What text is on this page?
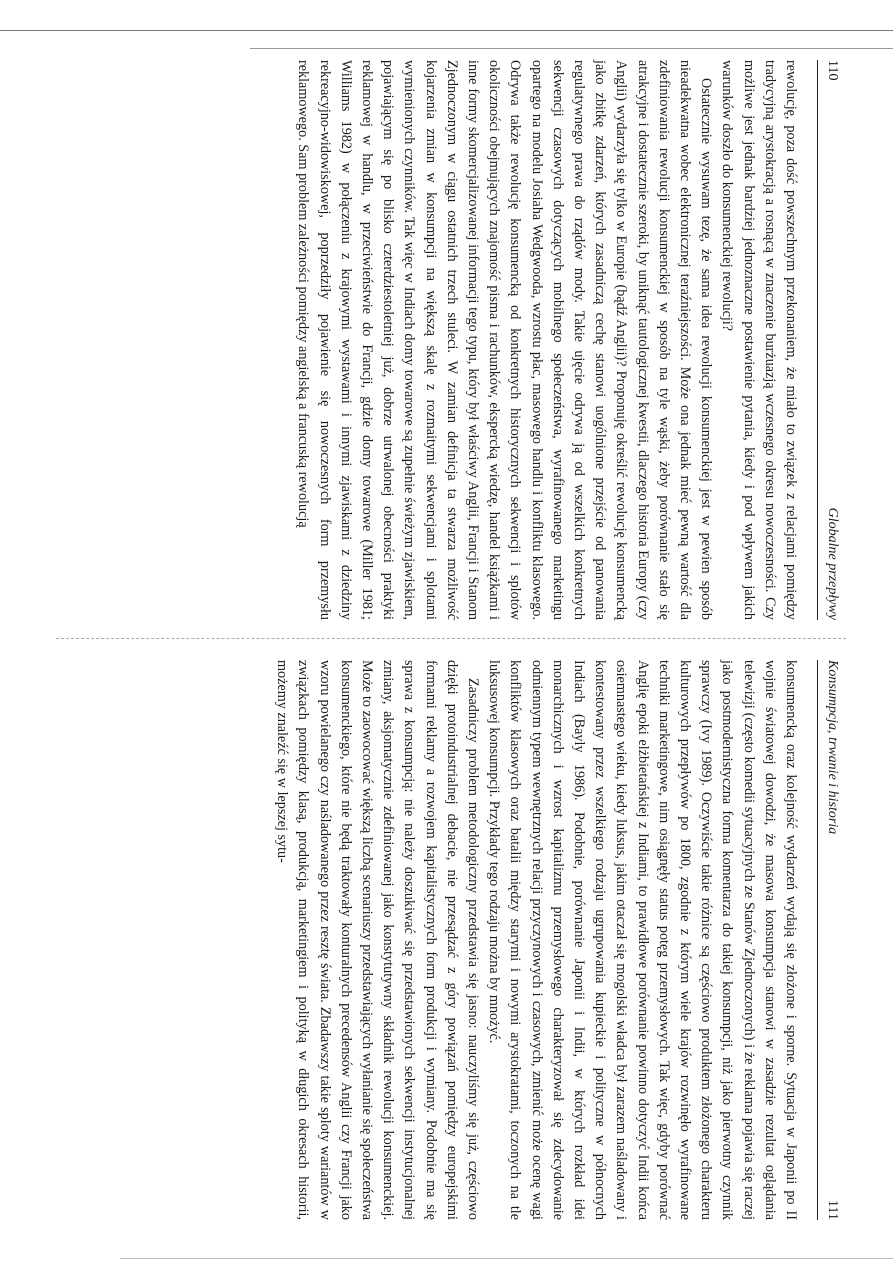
110
Globalne przepływy

rewolucję, poza dość powszechnym przekonaniem, że miało to związek z relacjami pomiędzy tradycyjną arystokracją a rosnącą w znaczenie burżuazją wczesnego okresu nowoczesności. Czy możliwe jest jednak bardziej jednoznaczne postawienie pytania, kiedy i pod wpływem jakich warunków doszło do konsumenckiej rewolucji?

Ostatecznie wysuwam tezę, że sama idea rewolucji konsumenckiej jest w pewien sposób nieadekwatna wobec elektronicznej teraźniejszości. Może ona jednak mieć pewną wartość dla zdefiniowania rewolucji konsumenckiej w sposób na tyle wąski, żeby porównanie stało się atrakcyjne i dostatecznie szeroki, by uniknąć tautologicznej kwestii, dlaczego historia Europy (czy Anglii) wydarzyła się tylko w Europie (bądź Anglii)? Proponuję określić rewolucję konsumencką jako zbitkę zdarzeń, których zasadniczą cechę stanowi uogólnione przejście od panowania regulatywnego prawa do rządów mody. Takie ujęcie odrywa ją od wszelkich konkretnych sekwencji czasowych dotyczących mobilnego społeczeństwa, wyrafinowanego marketingu opartego na modelu Josiaha Wedgwooda, wzrostu płac, masowego handlu i konfliktu klasowego. Odrywa także rewolucję konsumencką od konkretnych historycznych sekwencji i splotów okoliczności obejmujących znajomość pisma i rachunków, ekspercką wiedzę, handel książkami i inne formy skomercjalizowanej informacji tego typu, który był właściwy Anglii, Francji i Stanom Zjednoczonym w ciągu ostatnich trzech stuleci. W zamian definicja ta stwarza możliwość kojarzenia zmian w konsumpcji na większą skalę z rozmaitymi sekwencjami i splotami wymienionych czynników. Tak więc w Indiach domy towarowe są zupełnie świeżym zjawiskiem, pojawiającym się po blisko czterdziestoletniej już, dobrze utrwalonej obecności praktyki reklamowej w handlu, w przeciwieństwie do Francji, gdzie domy towarowe (Miller 1981; Williams 1982) w połączeniu z krajowymi wystawami i innymi zjawiskami z dziedziny rekreacyjno-widowiskowej, poprzedziły pojawienie się nowoczesnych form przemysłu reklamowego. Sam problem zależności pomiędzy angielską a francuską rewolucją

Konsumpcja, trwanie i historia
111

konsumencką oraz kolejność wydarzeń wydają się złożone i sporne. Sytuacja w Japonii po II wojnie światowej dowodzi, że masowa konsumpcja stanowi w zasadzie rezultat oglądania telewizji (często komedii sytuacyjnych ze Stanów Zjednoczonych) i że reklama pojawia się raczej jako postmodernistyczna forma komentarza do takiej konsumpcji, niż jako pierwotny czynnik sprawczy (Ivy 1989). Oczywiście takie różnice są częściowo produktem złożonego charakteru kulturowych przepływów po 1800, zgodnie z którym wiele krajów rozwinęło wyrafinowane techniki marketingowe, nim osiągnęły status potęg przemysłowych. Tak więc, gdyby porównać Anglię epoki elżbietańskiej z Indiami, to prawidłowe porównanie powinno dotyczyć Indii końca osiemnastego wieku, kiedy luksus, jakim otaczał się mogolski władca był zarazem naśladowany i kontestowany przez wszelkiego rodzaju ugrupowania kupieckie i polityczne w północnych Indiach (Bayly 1986). Podobnie, porównanie Japonii i Indii, w których rozkład idei monarchicznych i wzrost kapitalizmu przemysłowego charakteryzował się zdecydowanie odmiennym typem wewnętrznych relacji przyczynowych i czasowych, zmienić może ocenę wagi konfliktów klasowych oraz batalii między starymi i nowymi arystokratami, toczonych na tle luksusowej konsumpcji. Przykłady tego rodzaju można by mnożyć.

Zasadniczy problem metodologiczny przedstawia się jasno: nauczyliśmy się już, częściowo dzięki protoindustrialnej debacie, nie przesądzać z góry powiązań pomiędzy europejskimi formami reklamy a rozwojem kapitalistycznych form produkcji i wymiany. Podobnie ma się sprawa z konsumpcją: nie należy doszukiwać się przedstawionych sekwencji instytucjonalnej zmiany, aksjomatycznie zdefiniowanej jako konstytutywny składnik rewolucji konsumenckiej. Może to zaowocować większą liczbą scenariuszy przedstawiających wyłanianie się społeczeństwa konsumenckiego, które nie będą traktowały konturalnych precedensów Anglii czy Francji jako wzoru powielanego czy naśladowanego przez resztę świata. Zbadawszy takie sploty wariantów w związkach pomiędzy klasą, produkcją, marketingiem i polityką w długich okresach historii, możemy znaleźć się w lepszej sytu-
